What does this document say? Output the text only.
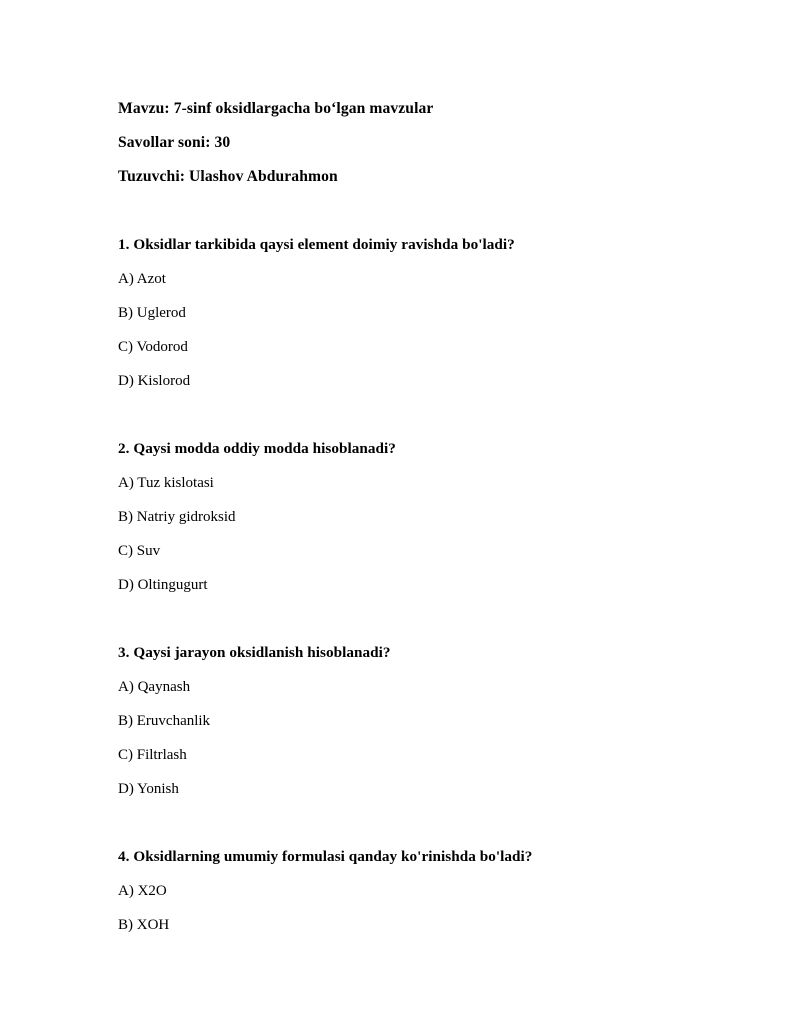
Mavzu: 7-sinf oksidlargacha bo‘lgan mavzular

Savollar soni: 30

Tuzuvchi: Ulashov Abdurahmon

1. Oksidlar tarkibida qaysi element doimiy ravishda bo'ladi?

A) Azot

B) Uglerod

C) Vodorod

D) Kislorod

2. Qaysi modda oddiy modda hisoblanadi?

A) Tuz kislotasi

B) Natriy gidroksid

C) Suv

D) Oltingugurt

3. Qaysi jarayon oksidlanish hisoblanadi?

A) Qaynash

B) Eruvchanlik

C) Filtrlash

D) Yonish

4. Oksidlarning umumiy formulasi qanday ko'rinishda bo'ladi?

A) X2O

B) XOH
